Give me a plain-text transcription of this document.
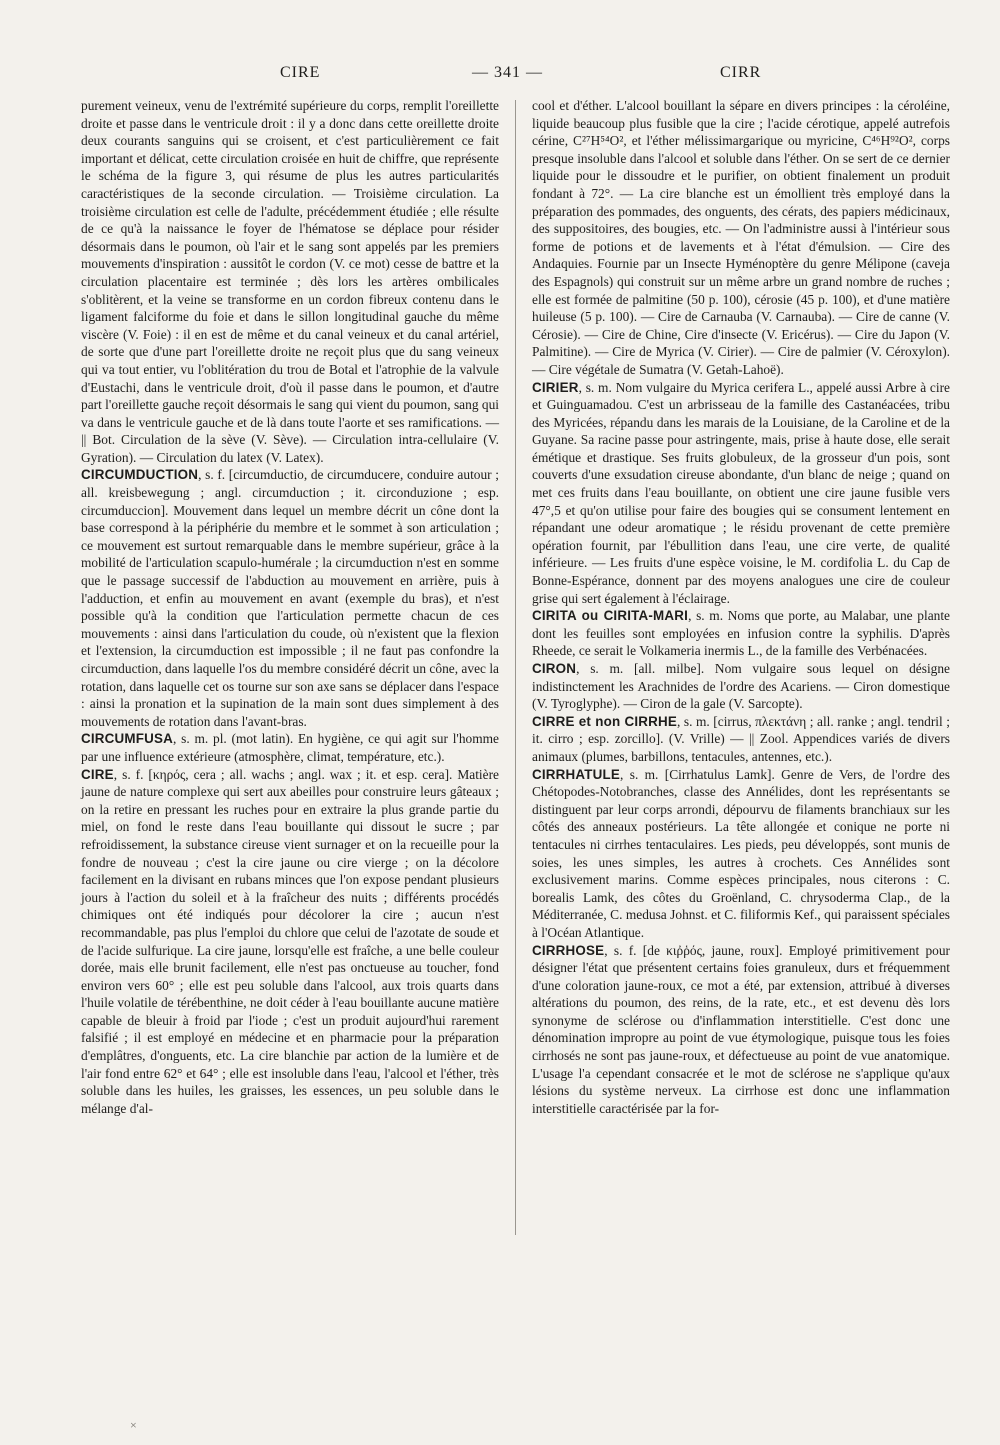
CIRE	— 341 —	CIRR

purement veineux, venu de l'extrémité supérieure du corps, remplit l'oreillette droite et passe dans le ventricule droit : il y a donc dans cette oreillette droite deux courants sanguins qui se croisent, et c'est particulièrement ce fait important et délicat, cette circulation croisée en huit de chiffre, que représente le schéma de la figure 3, qui résume de plus les autres particularités caractéristiques de la seconde circulation. — Troisième circulation. La troisième circulation est celle de l'adulte, précédemment étudiée ; elle résulte de ce qu'à la naissance le foyer de l'hématose se déplace pour résider désormais dans le poumon, où l'air et le sang sont appelés par les premiers mouvements d'inspiration : aussitôt le cordon (V. ce mot) cesse de battre et la circulation placentaire est terminée ; dès lors les artères ombilicales s'oblitèrent, et la veine se transforme en un cordon fibreux contenu dans le ligament falciforme du foie et dans le sillon longitudinal gauche du même viscère (V. Foie) : il en est de même et du canal veineux et du canal artériel, de sorte que d'une part l'oreillette droite ne reçoit plus que du sang veineux qui va tout entier, vu l'oblitération du trou de Botal et l'atrophie de la valvule d'Eustachi, dans le ventricule droit, d'où il passe dans le poumon, et d'autre part l'oreillette gauche reçoit désormais le sang qui vient du poumon, sang qui va dans le ventricule gauche et de là dans toute l'aorte et ses ramifications. — || Bot. Circulation de la sève (V. Sève). — Circulation intra-cellulaire (V. Gyration). — Circulation du latex (V. Latex).

CIRCUMDUCTION, s. f. [circumductio, de circumducere, conduire autour ; all. kreisbewegung ; angl. circumduction ; it. circonduzione ; esp. circumduccion]. Mouvement dans lequel un membre décrit un cône dont la base correspond à la périphérie du membre et le sommet à son articulation ; ce mouvement est surtout remarquable dans le membre supérieur, grâce à la mobilité de l'articulation scapulo-humérale ; la circumduction n'est en somme que le passage successif de l'abduction au mouvement en arrière, puis à l'adduction, et enfin au mouvement en avant (exemple du bras), et n'est possible qu'à la condition que l'articulation permette chacun de ces mouvements : ainsi dans l'articulation du coude, où n'existent que la flexion et l'extension, la circumduction est impossible ; il ne faut pas confondre la circumduction, dans laquelle l'os du membre considéré décrit un cône, avec la rotation, dans laquelle cet os tourne sur son axe sans se déplacer dans l'espace : ainsi la pronation et la supination de la main sont dues simplement à des mouvements de rotation dans l'avant-bras.

CIRCUMFUSA, s. m. pl. (mot latin). En hygiène, ce qui agit sur l'homme par une influence extérieure (atmosphère, climat, température, etc.).

CIRE, s. f. [κηρός, cera ; all. wachs ; angl. wax ; it. et esp. cera]. Matière jaune de nature complexe qui sert aux abeilles pour construire leurs gâteaux ; on la retire en pressant les ruches pour en extraire la plus grande partie du miel, on fond le reste dans l'eau bouillante qui dissout le sucre ; par refroidissement, la substance cireuse vient surnager et on la recueille pour la fondre de nouveau ; c'est la cire jaune ou cire vierge ; on la décolore facilement en la divisant en rubans minces que l'on expose pendant plusieurs jours à l'action du soleil et à la fraîcheur des nuits ; différents procédés chimiques ont été indiqués pour décolorer la cire ; aucun n'est recommandable, pas plus l'emploi du chlore que celui de l'azotate de soude et de l'acide sulfurique. La cire jaune, lorsqu'elle est fraîche, a une belle couleur dorée, mais elle brunit facilement, elle n'est pas onctueuse au toucher, fond environ vers 60° ; elle est peu soluble dans l'alcool, aux trois quarts dans l'huile volatile de térébenthine, ne doit céder à l'eau bouillante aucune matière capable de bleuir à froid par l'iode ; c'est un produit aujourd'hui rarement falsifié ; il est employé en médecine et en pharmacie pour la préparation d'emplâtres, d'onguents, etc. La cire blanchie par action de la lumière et de l'air fond entre 62° et 64° ; elle est insoluble dans l'eau, l'alcool et l'éther, très soluble dans les huiles, les graisses, les essences, un peu soluble dans le mélange d'al-

cool et d'éther. L'alcool bouillant la sépare en divers principes : la céroléine, liquide beaucoup plus fusible que la cire ; l'acide cérotique, appelé autrefois cérine, C²⁷H⁵⁴O², et l'éther mélissimargarique ou myricine, C⁴⁶H⁹²O², corps presque insoluble dans l'alcool et soluble dans l'éther. On se sert de ce dernier liquide pour le dissoudre et le purifier, on obtient finalement un produit fondant à 72°. — La cire blanche est un émollient très employé dans la préparation des pommades, des onguents, des cérats, des papiers médicinaux, des suppositoires, des bougies, etc. — On l'administre aussi à l'intérieur sous forme de potions et de lavements et à l'état d'émulsion. — Cire des Andaquies. Fournie par un Insecte Hyménoptère du genre Mélipone (caveja des Espagnols) qui construit sur un même arbre un grand nombre de ruches ; elle est formée de palmitine (50 p. 100), cérosie (45 p. 100), et d'une matière huileuse (5 p. 100). — Cire de Carnauba (V. Carnauba). — Cire de canne (V. Cérosie). — Cire de Chine, Cire d'insecte (V. Ericérus). — Cire du Japon (V. Palmitine). — Cire de Myrica (V. Cirier). — Cire de palmier (V. Céroxylon). — Cire végétale de Sumatra (V. Getah-Lahoë).

CIRIER, s. m. Nom vulgaire du Myrica cerifera L., appelé aussi Arbre à cire et Guinguamadou. C'est un arbrisseau de la famille des Castanéacées, tribu des Myricées, répandu dans les marais de la Louisiane, de la Caroline et de la Guyane. Sa racine passe pour astringente, mais, prise à haute dose, elle serait émétique et drastique. Ses fruits globuleux, de la grosseur d'un pois, sont couverts d'une exsudation cireuse abondante, d'un blanc de neige ; quand on met ces fruits dans l'eau bouillante, on obtient une cire jaune fusible vers 47°,5 et qu'on utilise pour faire des bougies qui se consument lentement en répandant une odeur aromatique ; le résidu provenant de cette première opération fournit, par l'ébullition dans l'eau, une cire verte, de qualité inférieure. — Les fruits d'une espèce voisine, le M. cordifolia L. du Cap de Bonne-Espérance, donnent par des moyens analogues une cire de couleur grise qui sert également à l'éclairage.

CIRITA ou CIRITA-MARI, s. m. Noms que porte, au Malabar, une plante dont les feuilles sont employées en infusion contre la syphilis. D'après Rheede, ce serait le Volkameria inermis L., de la famille des Verbénacées.

CIRON, s. m. [all. milbe]. Nom vulgaire sous lequel on désigne indistinctement les Arachnides de l'ordre des Acariens. — Ciron domestique (V. Tyroglyphe). — Ciron de la gale (V. Sarcopte).

CIRRE et non CIRRHE, s. m. [cirrus, πλεκτάνη ; all. ranke ; angl. tendril ; it. cirro ; esp. zorcillo]. (V. Vrille) — || Zool. Appendices variés de divers animaux (plumes, barbillons, tentacules, antennes, etc.).

CIRRHATULE, s. m. [Cirrhatulus Lamk]. Genre de Vers, de l'ordre des Chétopodes-Notobranches, classe des Annélides, dont les représentants se distinguent par leur corps arrondi, dépourvu de filaments branchiaux sur les côtés des anneaux postérieurs. La tête allongée et conique ne porte ni tentacules ni cirrhes tentaculaires. Les pieds, peu développés, sont munis de soies, les unes simples, les autres à crochets. Ces Annélides sont exclusivement marins. Comme espèces principales, nous citerons : C. borealis Lamk, des côtes du Groënland, C. chrysoderma Clap., de la Méditerranée, C. medusa Johnst. et C. filiformis Kef., qui paraissent spéciales à l'Océan Atlantique.

CIRRHOSE, s. f. [de κιῤῥός, jaune, roux]. Employé primitivement pour désigner l'état que présentent certains foies granuleux, durs et fréquemment d'une coloration jaune-roux, ce mot a été, par extension, attribué à diverses altérations du poumon, des reins, de la rate, etc., et est devenu dès lors synonyme de sclérose ou d'inflammation interstitielle. C'est donc une dénomination impropre au point de vue étymologique, puisque tous les foies cirrhosés ne sont pas jaune-roux, et défectueuse au point de vue anatomique. L'usage l'a cependant consacrée et le mot de sclérose ne s'applique qu'aux lésions du système nerveux. La cirrhose est donc une inflammation interstitielle caractérisée par la for-

×
